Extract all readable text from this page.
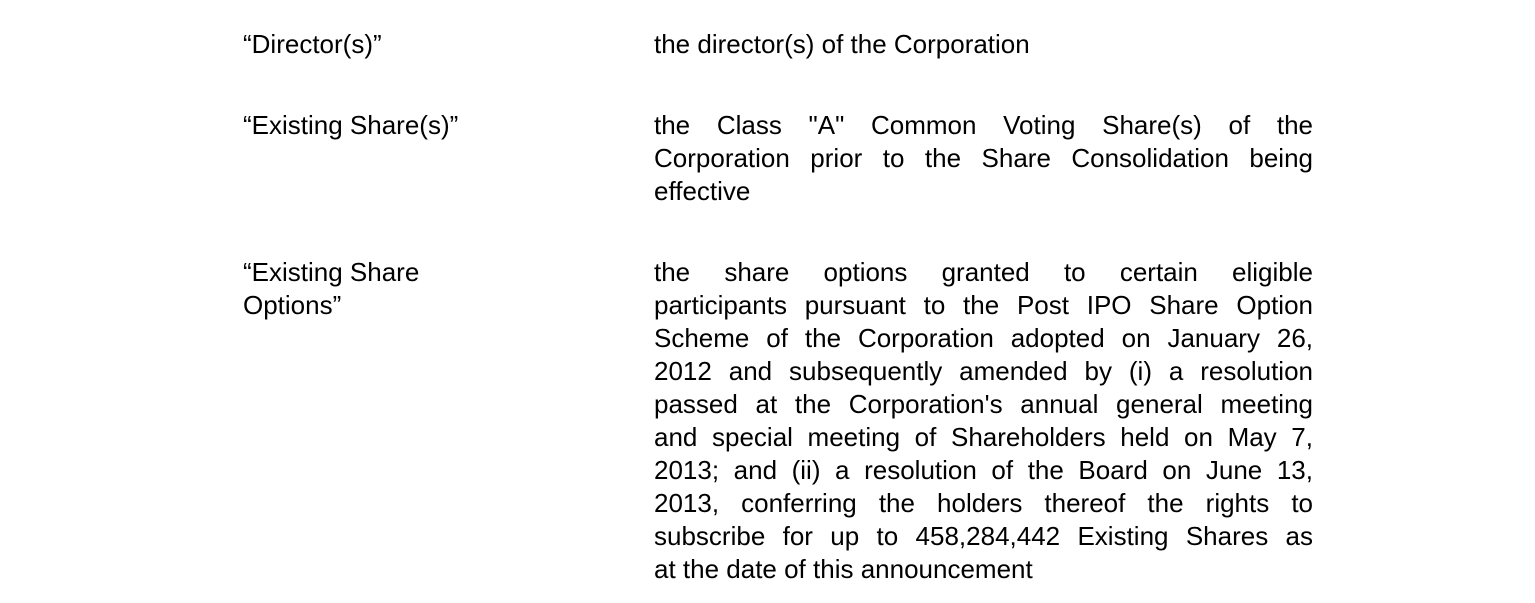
“Director(s)”	the director(s) of the Corporation

“Existing Share(s)”	the Class "A" Common Voting Share(s) of the
Corporation prior to the Share Consolidation being
effective

“Existing Share
Options”

the share options granted to certain eligible
participants pursuant to the Post IPO Share Option
Scheme of the Corporation adopted on January 26,
2012 and subsequently amended by (i) a resolution
passed at the Corporation's annual general meeting
and special meeting of Shareholders held on May 7,
2013; and (ii) a resolution of the Board on June 13,
2013, conferring the holders thereof the rights to
subscribe for up to 458,284,442 Existing Shares as
at the date of this announcement
